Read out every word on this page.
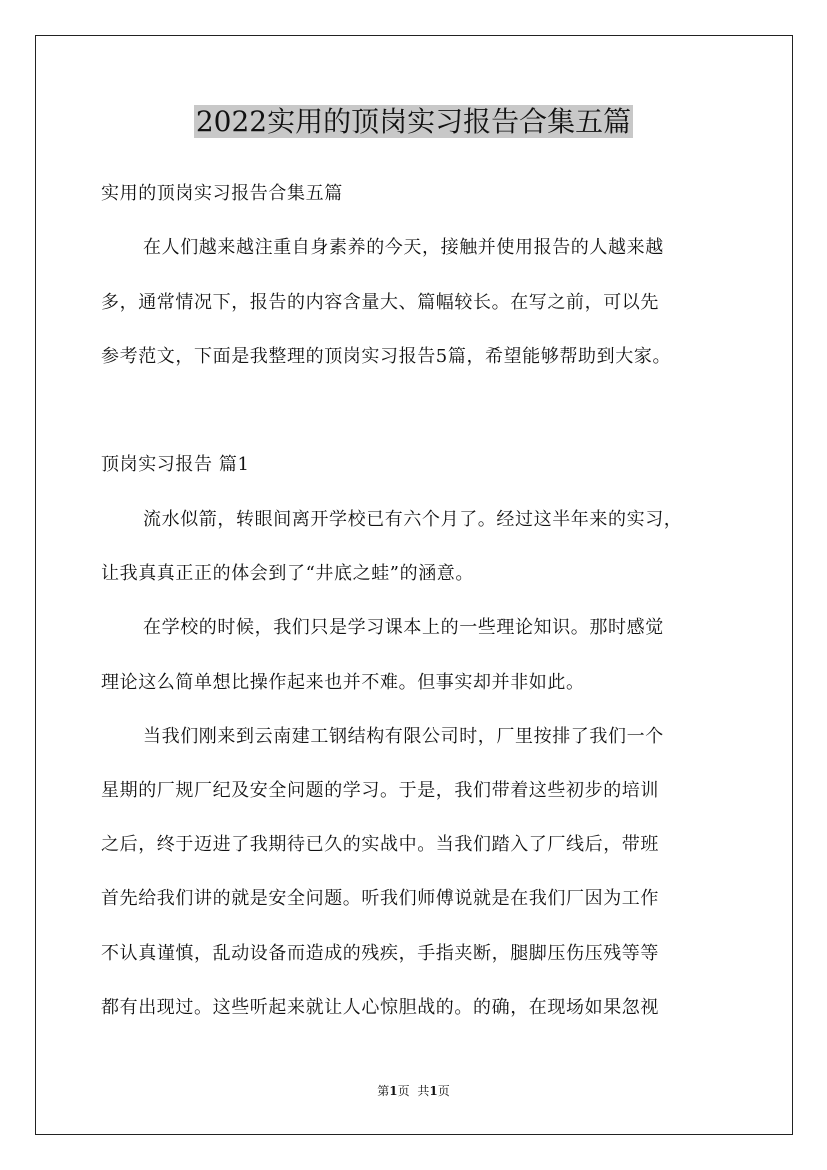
2022实用的顶岗实习报告合集五篇

实用的顶岗实习报告合集五篇

在人们越来越注重自身素养的今天，接触并使用报告的人越来越

多，通常情况下，报告的内容含量大、篇幅较长。在写之前，可以先

参考范文，下面是我整理的顶岗实习报告5篇，希望能够帮助到大家。

顶岗实习报告 篇1

流水似箭，转眼间离开学校已有六个月了。经过这半年来的实习，

让我真真正正的体会到了“井底之蛙”的涵意。

在学校的时候，我们只是学习课本上的一些理论知识。那时感觉

理论这么简单想比操作起来也并不难。但事实却并非如此。

当我们刚来到云南建工钢结构有限公司时，厂里按排了我们一个

星期的厂规厂纪及安全问题的学习。于是，我们带着这些初步的培训

之后，终于迈进了我期待已久的实战中。当我们踏入了厂线后，带班

首先给我们讲的就是安全问题。听我们师傅说就是在我们厂因为工作

不认真谨慎，乱动设备而造成的残疾，手指夹断，腿脚压伤压残等等

都有出现过。这些听起来就让人心惊胆战的。的确，在现场如果忽视

第1页 共1页
